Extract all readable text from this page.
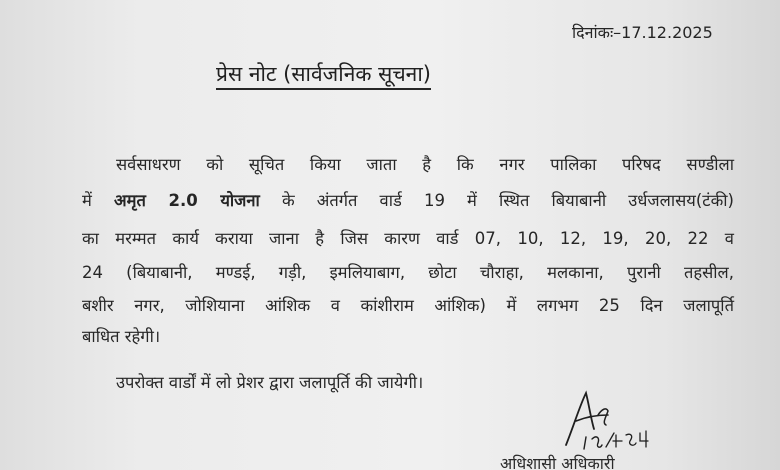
दिनांकः–17.12.2025
प्रेस नोट (सार्वजनिक सूचना)
सर्वसाधरण को सूचित किया जाता है कि नगर पालिका परिषद सण्डीला
में अमृत 2.0 योजना के अंतर्गत वार्ड 19 में स्थित बियाबानी उर्धजलासय(टंकी)
का मरम्मत कार्य कराया जाना है जिस कारण वार्ड 07, 10, 12, 19, 20, 22 व
24 (बियाबानी, मण्डई, गड़ी, इमलियाबाग, छोटा चौराहा, मलकाना, पुरानी तहसील,
बशीर नगर, जोशियाना आंशिक व कांशीराम आंशिक) में लगभग 25 दिन जलापूर्ति
बाधित रहेगी।
उपरोक्त वार्डों में लो प्रेशर द्वारा जलापूर्ति की जायेगी।
अधिशासी अधिकारी
